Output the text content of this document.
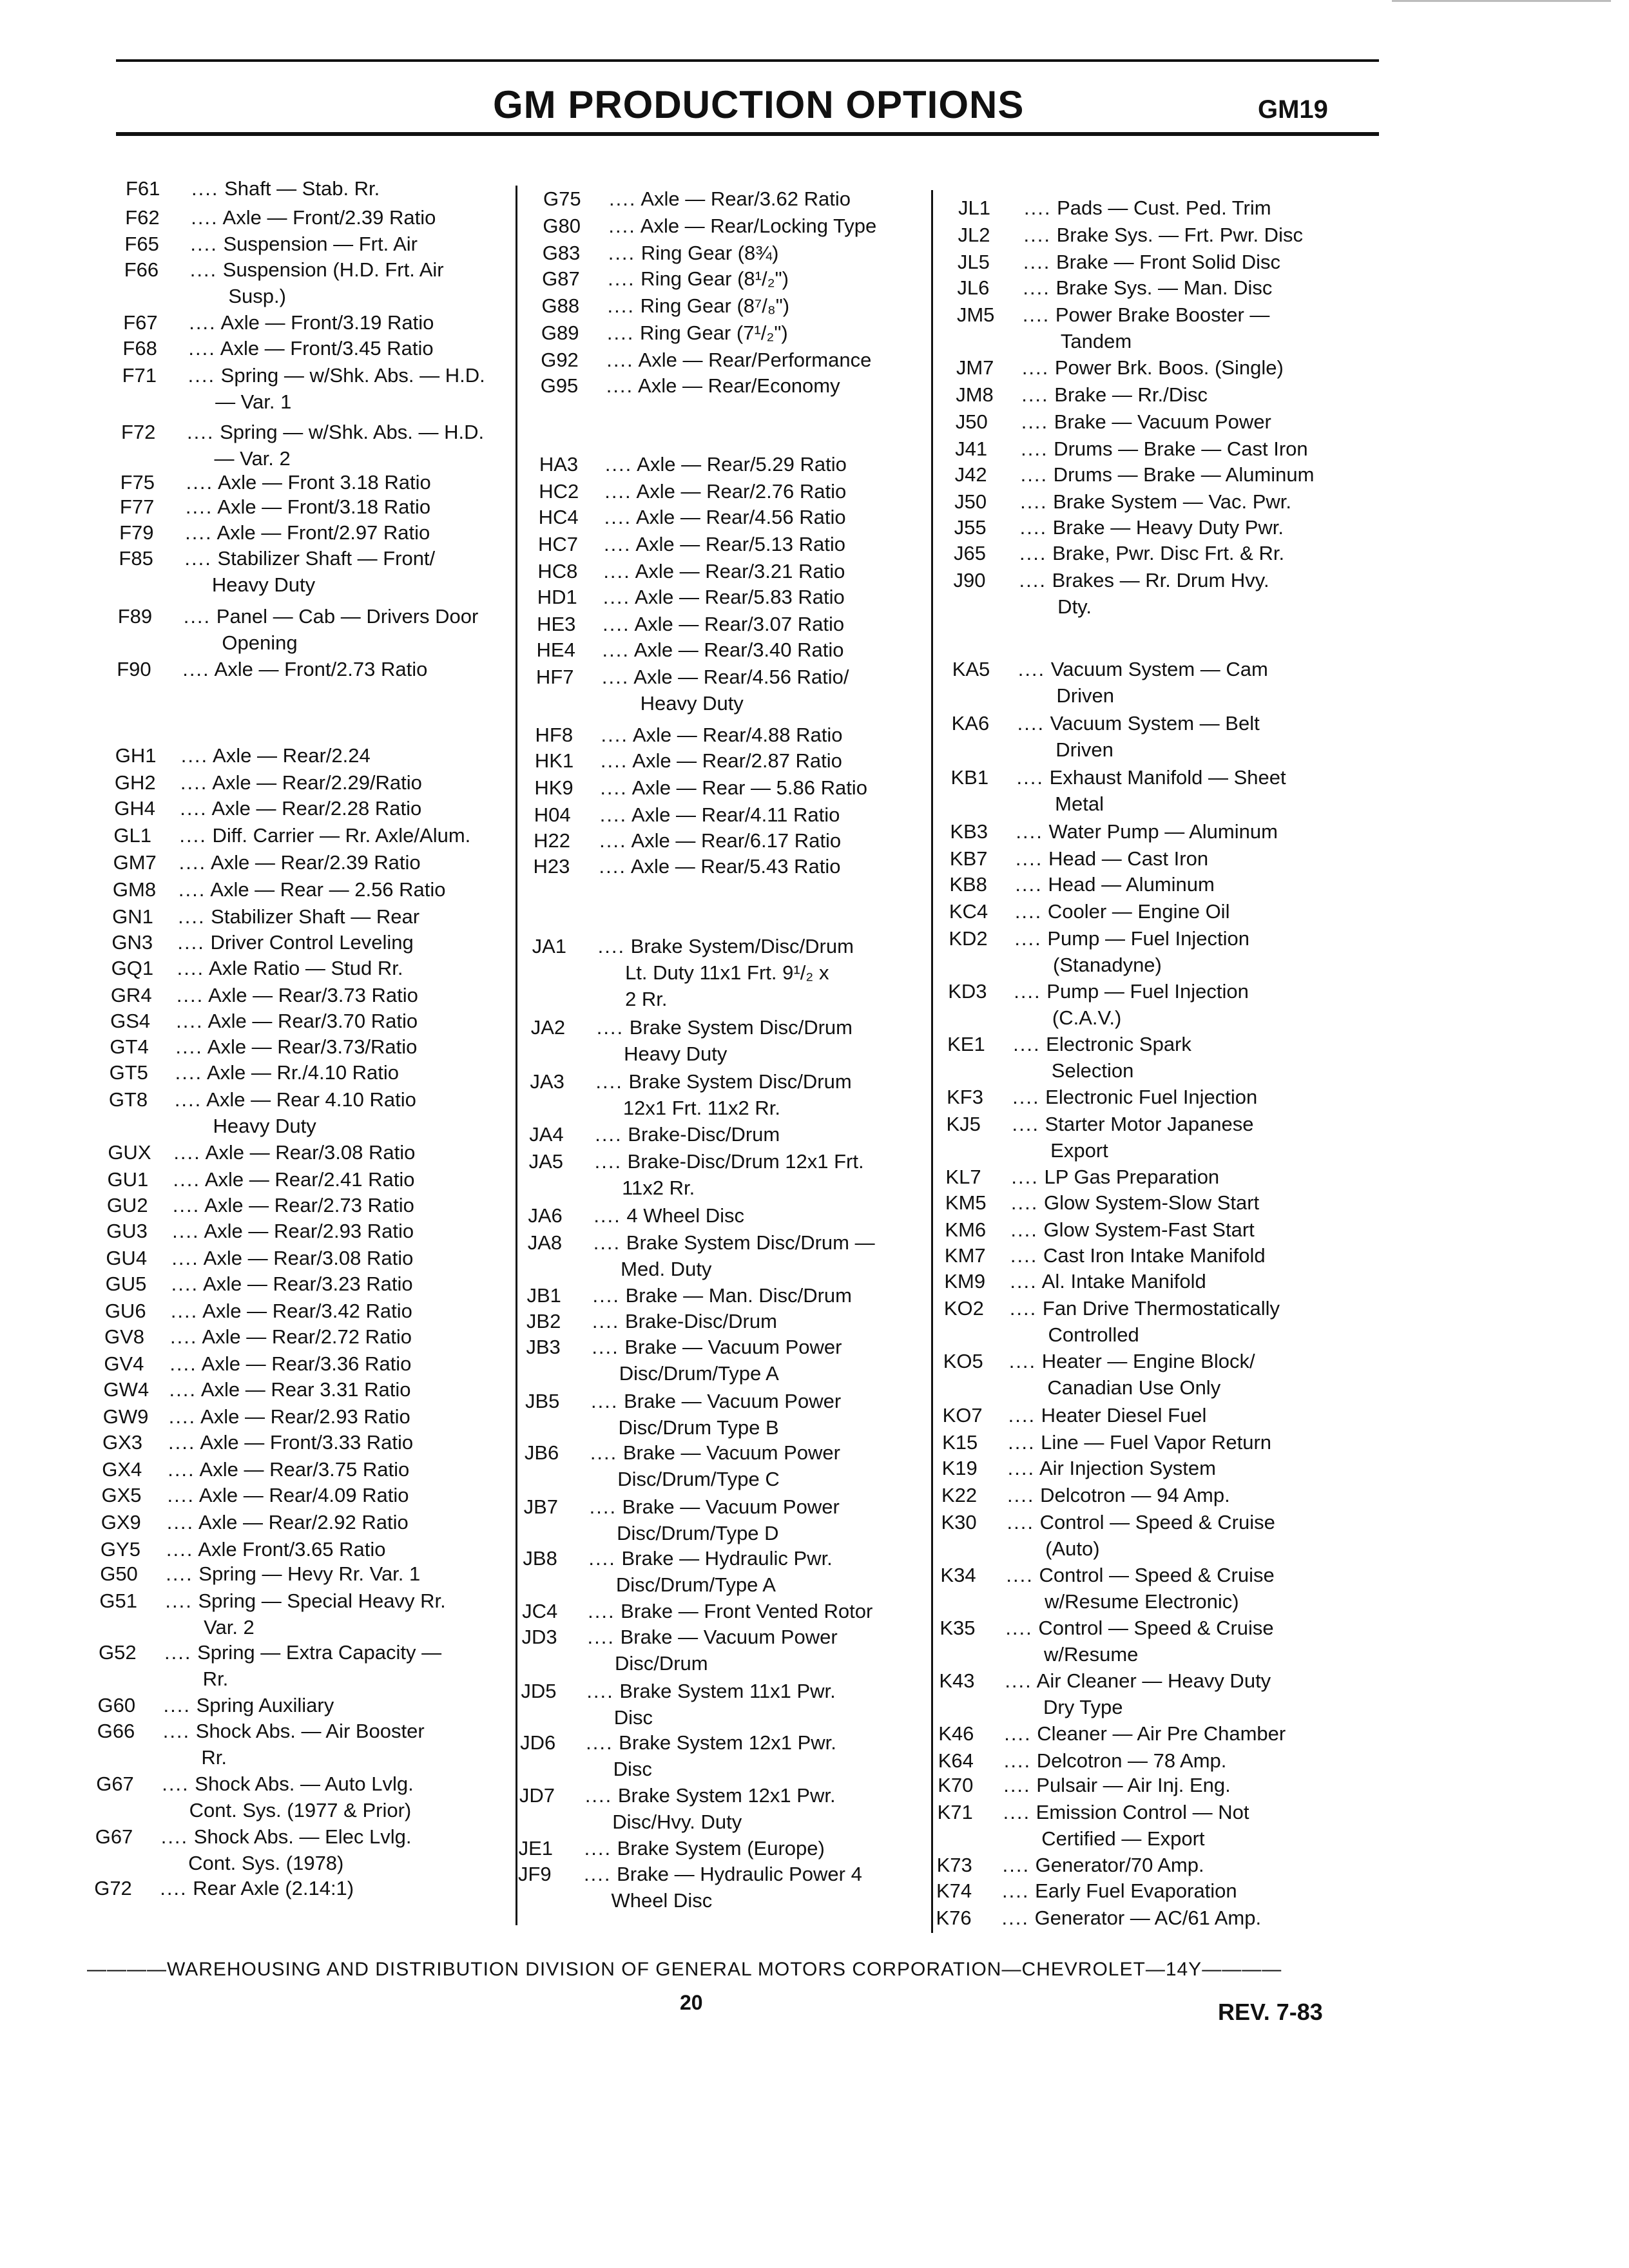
GM PRODUCTION OPTIONS	GM19
F61 .... Shaft — Stab. Rr.
F62 .... Axle — Front/2.39 Ratio
F65 .... Suspension — Frt. Air
F66 .... Suspension (H.D. Frt. Air
Susp.)
F67 .... Axle — Front/3.19 Ratio
F68 .... Axle — Front/3.45 Ratio
F71 .... Spring — w/Shk. Abs. — H.D.
— Var. 1
F72 .... Spring — w/Shk. Abs. — H.D.
— Var. 2
F75 .... Axle — Front 3.18 Ratio
F77 .... Axle — Front/3.18 Ratio
F79 .... Axle — Front/2.97 Ratio
F85 .... Stabilizer Shaft — Front/
Heavy Duty
F89 .... Panel — Cab — Drivers Door
Opening
F90 .... Axle — Front/2.73 Ratio
GH1 .... Axle — Rear/2.24
GH2 .... Axle — Rear/2.29/Ratio
GH4 .... Axle — Rear/2.28 Ratio
GL1 .... Diff. Carrier — Rr. Axle/Alum.
GM7 .... Axle — Rear/2.39 Ratio
GM8 .... Axle — Rear — 2.56 Ratio
GN1 .... Stabilizer Shaft — Rear
GN3 .... Driver Control Leveling
GQ1 .... Axle Ratio — Stud Rr.
GR4 .... Axle — Rear/3.73 Ratio
GS4 .... Axle — Rear/3.70 Ratio
GT4 .... Axle — Rear/3.73/Ratio
GT5 .... Axle — Rr./4.10 Ratio
GT8 .... Axle — Rear 4.10 Ratio
Heavy Duty
GUX .... Axle — Rear/3.08 Ratio
GU1 .... Axle — Rear/2.41 Ratio
GU2 .... Axle — Rear/2.73 Ratio
GU3 .... Axle — Rear/2.93 Ratio
GU4 .... Axle — Rear/3.08 Ratio
GU5 .... Axle — Rear/3.23 Ratio
GU6 .... Axle — Rear/3.42 Ratio
GV8 .... Axle — Rear/2.72 Ratio
GV4 .... Axle — Rear/3.36 Ratio
GW4 .... Axle — Rear 3.31 Ratio
GW9 .... Axle — Rear/2.93 Ratio
GX3 .... Axle — Front/3.33 Ratio
GX4 .... Axle — Rear/3.75 Ratio
GX5 .... Axle — Rear/4.09 Ratio
GX9 .... Axle — Rear/2.92 Ratio
GY5 .... Axle Front/3.65 Ratio
G50 .... Spring — Hevy Rr. Var. 1
G51 .... Spring — Special Heavy Rr.
Var. 2
G52 .... Spring — Extra Capacity —
Rr.
G60 .... Spring Auxiliary
G66 .... Shock Abs. — Air Booster
Rr.
G67 .... Shock Abs. — Auto Lvlg.
Cont. Sys. (1977 & Prior)
G67 .... Shock Abs. — Elec Lvlg.
Cont. Sys. (1978)
G72 .... Rear Axle (2.14:1)
G75 .... Axle — Rear/3.62 Ratio
G80 .... Axle — Rear/Locking Type
G83 .... Ring Gear (8¾)
G87 .... Ring Gear (8¹/₂")
G88 .... Ring Gear (8⁷/₈")
G89 .... Ring Gear (7¹/₂")
G92 .... Axle — Rear/Performance
G95 .... Axle — Rear/Economy
HA3 .... Axle — Rear/5.29 Ratio
HC2 .... Axle — Rear/2.76 Ratio
HC4 .... Axle — Rear/4.56 Ratio
HC7 .... Axle — Rear/5.13 Ratio
HC8 .... Axle — Rear/3.21 Ratio
HD1 .... Axle — Rear/5.83 Ratio
HE3 .... Axle — Rear/3.07 Ratio
HE4 .... Axle — Rear/3.40 Ratio
HF7 .... Axle — Rear/4.56 Ratio/
Heavy Duty
HF8 .... Axle — Rear/4.88 Ratio
HK1 .... Axle — Rear/2.87 Ratio
HK9 .... Axle — Rear — 5.86 Ratio
H04 .... Axle — Rear/4.11 Ratio
H22 .... Axle — Rear/6.17 Ratio
H23 .... Axle — Rear/5.43 Ratio
JA1 .... Brake System/Disc/Drum
Lt. Duty 11x1 Frt. 9¹/₂ x
2 Rr.
JA2 .... Brake System Disc/Drum
Heavy Duty
JA3 .... Brake System Disc/Drum
12x1 Frt. 11x2 Rr.
JA4 .... Brake-Disc/Drum
JA5 .... Brake-Disc/Drum 12x1 Frt.
11x2 Rr.
JA6 .... 4 Wheel Disc
JA8 .... Brake System Disc/Drum —
Med. Duty
JB1 .... Brake — Man. Disc/Drum
JB2 .... Brake-Disc/Drum
JB3 .... Brake — Vacuum Power
Disc/Drum/Type A
JB5 .... Brake — Vacuum Power
Disc/Drum Type B
JB6 .... Brake — Vacuum Power
Disc/Drum/Type C
JB7 .... Brake — Vacuum Power
Disc/Drum/Type D
JB8 .... Brake — Hydraulic Pwr.
Disc/Drum/Type A
JC4 .... Brake — Front Vented Rotor
JD3 .... Brake — Vacuum Power
Disc/Drum
JD5 .... Brake System 11x1 Pwr.
Disc
JD6 .... Brake System 12x1 Pwr.
Disc
JD7 .... Brake System 12x1 Pwr.
Disc/Hvy. Duty
JE1 .... Brake System (Europe)
JF9 .... Brake — Hydraulic Power 4
Wheel Disc
JL1 .... Pads — Cust. Ped. Trim
JL2 .... Brake Sys. — Frt. Pwr. Disc
JL5 .... Brake — Front Solid Disc
JL6 .... Brake Sys. — Man. Disc
JM5 .... Power Brake Booster —
Tandem
JM7 .... Power Brk. Boos. (Single)
JM8 .... Brake — Rr./Disc
J50 .... Brake — Vacuum Power
J41 .... Drums — Brake — Cast Iron
J42 .... Drums — Brake — Aluminum
J50 .... Brake System — Vac. Pwr.
J55 .... Brake — Heavy Duty Pwr.
J65 .... Brake, Pwr. Disc Frt. & Rr.
J90 .... Brakes — Rr. Drum Hvy.
Dty.
KA5 .... Vacuum System — Cam
Driven
KA6 .... Vacuum System — Belt
Driven
KB1 .... Exhaust Manifold — Sheet
Metal
KB3 .... Water Pump — Aluminum
KB7 .... Head — Cast Iron
KB8 .... Head — Aluminum
KC4 .... Cooler — Engine Oil
KD2 .... Pump — Fuel Injection
(Stanadyne)
KD3 .... Pump — Fuel Injection
(C.A.V.)
KE1 .... Electronic Spark
Selection
KF3 .... Electronic Fuel Injection
KJ5 .... Starter Motor Japanese
Export
KL7 .... LP Gas Preparation
KM5 .... Glow System-Slow Start
KM6 .... Glow System-Fast Start
KM7 .... Cast Iron Intake Manifold
KM9 .... Al. Intake Manifold
KO2 .... Fan Drive Thermostatically
Controlled
KO5 .... Heater — Engine Block/
Canadian Use Only
KO7 .... Heater Diesel Fuel
K15 .... Line — Fuel Vapor Return
K19 .... Air Injection System
K22 .... Delcotron — 94 Amp.
K30 .... Control — Speed & Cruise
(Auto)
K34 .... Control — Speed & Cruise
w/Resume Electronic)
K35 .... Control — Speed & Cruise
w/Resume
K43 .... Air Cleaner — Heavy Duty
Dry Type
K46 .... Cleaner — Air Pre Chamber
K64 .... Delcotron — 78 Amp.
K70 .... Pulsair — Air Inj. Eng.
K71 .... Emission Control — Not
Certified — Export
K73 .... Generator/70 Amp.
K74 .... Early Fuel Evaporation
K76 .... Generator — AC/61 Amp.
————WAREHOUSING AND DISTRIBUTION DIVISION OF GENERAL MOTORS CORPORATION—CHEVROLET—14Y————
20	REV. 7-83
